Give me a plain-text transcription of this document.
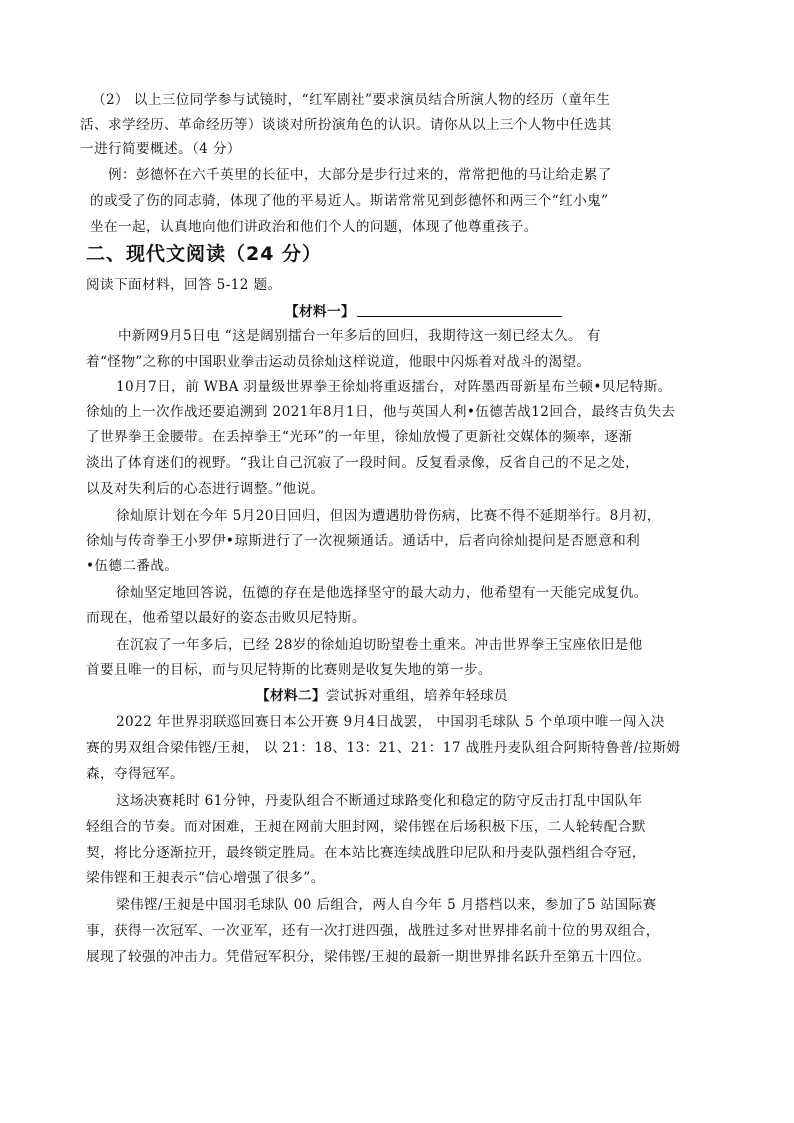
（2） 以上三位同学参与试镜时，“红军剧社”要求演员结合所演人物的经历（童年生
活、求学经历、革命经历等）谈谈对所扮演角色的认识。请你从以上三个人物中任选其
一进行简要概述。（4 分）
例：彭德怀在六千英里的长征中，大部分是步行过来的，常常把他的马让给走累了
的或受了伤的同志骑，体现了他的平易近人。斯诺常常见到彭德怀和两三个“红小鬼”
坐在一起，认真地向他们讲政治和他们个人的问题，体现了他尊重孩子。
二、现代文阅读（24 分）
阅读下面材料，回答 5-12 题。
【材料一】
中新网9月5日电 “这是阔别擂台一年多后的回归，我期待这一刻已经太久。 有
着“怪物”之称的中国职业拳击运动员徐灿这样说道，他眼中闪烁着对战斗的渴望。
10月7日，前 WBA 羽量级世界拳王徐灿将重返擂台，对阵墨西哥新星布兰顿•贝尼特斯。
徐灿的上一次作战还要追溯到 2021年8月1日，他与英国人利•伍德苦战12回合，最终吉负失去
了世界拳王金腰带。在丢掉拳王“光环”的一年里，徐灿放慢了更新社交媒体的频率，逐渐
淡出了体育迷们的视野。“我让自己沉寂了一段时间。反复看录像，反省自己的不足之处，
以及对失利后的心态进行调整。”他说。
徐灿原计划在今年 5月20日回归，但因为遭遇肋骨伤病，比赛不得不延期举行。8月初，
徐灿与传奇拳王小罗伊•琼斯进行了一次视频通话。通话中，后者向徐灿提问是否愿意和利
•伍德二番战。
徐灿坚定地回答说，伍德的存在是他选择坚守的最大动力，他希望有一天能完成复仇。
而现在，他希望以最好的姿态击败贝尼特斯。
在沉寂了一年多后，已经 28岁的徐灿迫切盼望卷土重来。冲击世界拳王宝座依旧是他
首要且唯一的目标，而与贝尼特斯的比赛则是收复失地的第一步。
【材料二】尝试拆对重组，培养年轻球员
2022 年世界羽联巡回赛日本公开赛 9月4日战罢， 中国羽毛球队 5 个单项中唯一闯入决
赛的男双组合梁伟铿/王昶， 以 21：18、13：21、21：17 战胜丹麦队组合阿斯特鲁普/拉斯姆
森，夺得冠军。
这场决赛耗时 61分钟，丹麦队组合不断通过球路变化和稳定的防守反击打乱中国队年
轻组合的节奏。而对困难，王昶在网前大胆封网，梁伟铿在后场积极下压，二人轮转配合默
契，将比分逐渐拉开，最终锁定胜局。在本站比赛连续战胜印尼队和丹麦队强档组合夺冠，
梁伟铿和王昶表示“信心增强了很多”。
梁伟铿/王昶是中国羽毛球队 00 后组合，两人自今年 5 月搭档以来，参加了5 站国际赛
事，获得一次冠军、一次亚军，还有一次打进四强，战胜过多对世界排名前十位的男双组合，
展现了较强的冲击力。凭借冠军积分，梁伟铿/王昶的最新一期世界排名跃升至第五十四位。
